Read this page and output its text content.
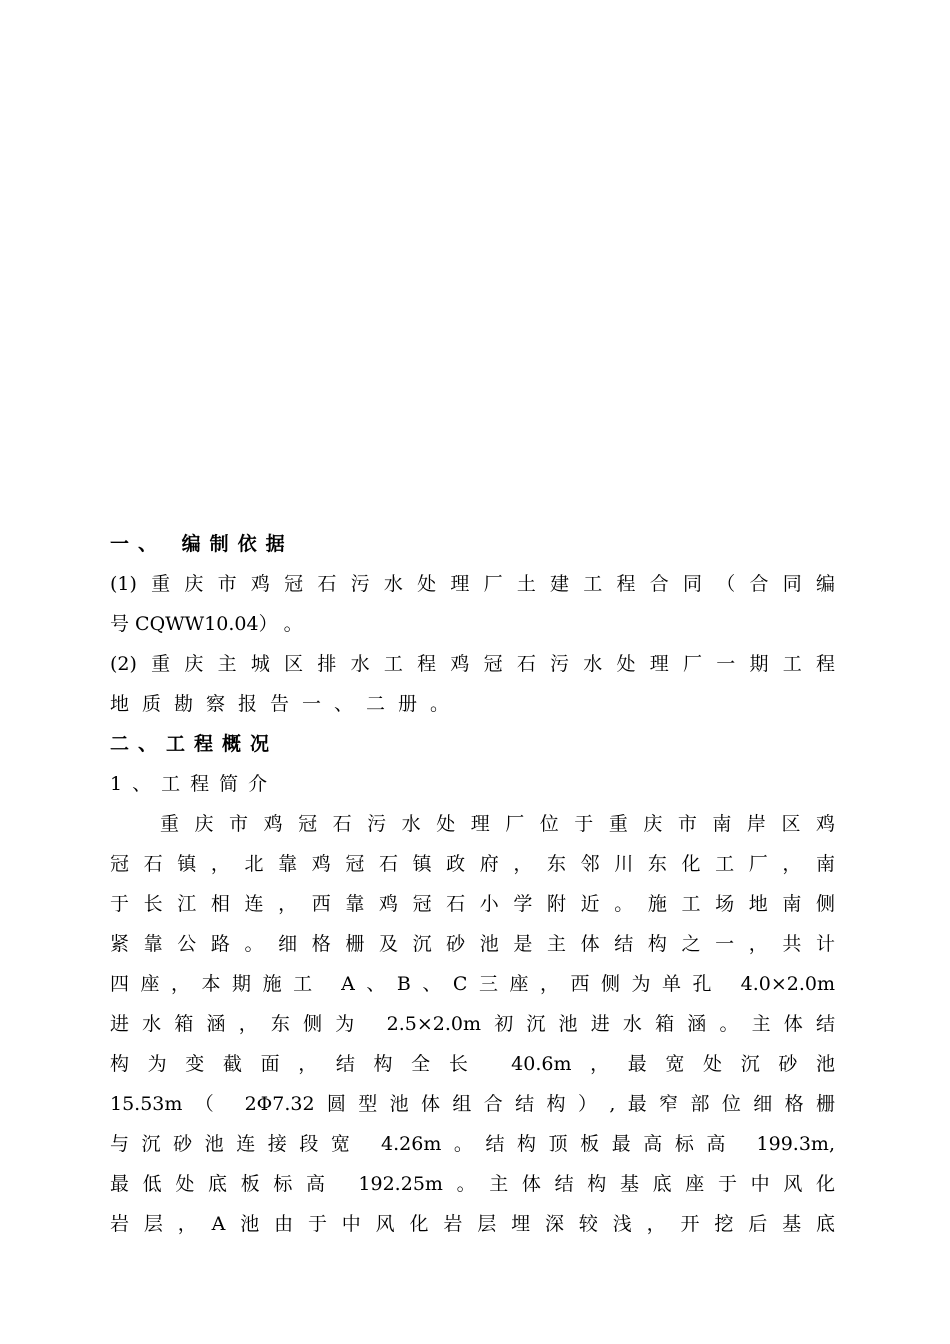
一、 编制依据
(1)重庆市鸡冠石污水处理厂土建工程合同（合同编
号 CQWW10.04） 。
(2)重庆主城区排水工程鸡冠石污水处理厂一期工程
地质勘察报告一、二册。
二、工程概况
1、工程简介
重庆市鸡冠石污水处理厂位于重庆市南岸区鸡
冠石镇，北靠鸡冠石镇政府，东邻川东化工厂，南
于长江相连，西靠鸡冠石小学附近。施工场地南侧
紧靠公路。细格栅及沉砂池是主体结构之一，共计
四座，本期施工 A、B、C三座，西侧为单孔 4.0×2.0m
进水箱涵，东侧为 2.5×2.0m初沉池进水箱涵。主体结
构为变截面，结构全长 40.6m，最宽处沉砂池
15.53m（ 2Φ7.32圆型池体组合结构）,最窄部位细格栅
与沉砂池连接段宽 4.26m。结构顶板最高标高 199.3m,
最低处底板标高 192.25m。主体结构基底座于中风化
岩层，A池由于中风化岩层埋深较浅，开挖后基底
